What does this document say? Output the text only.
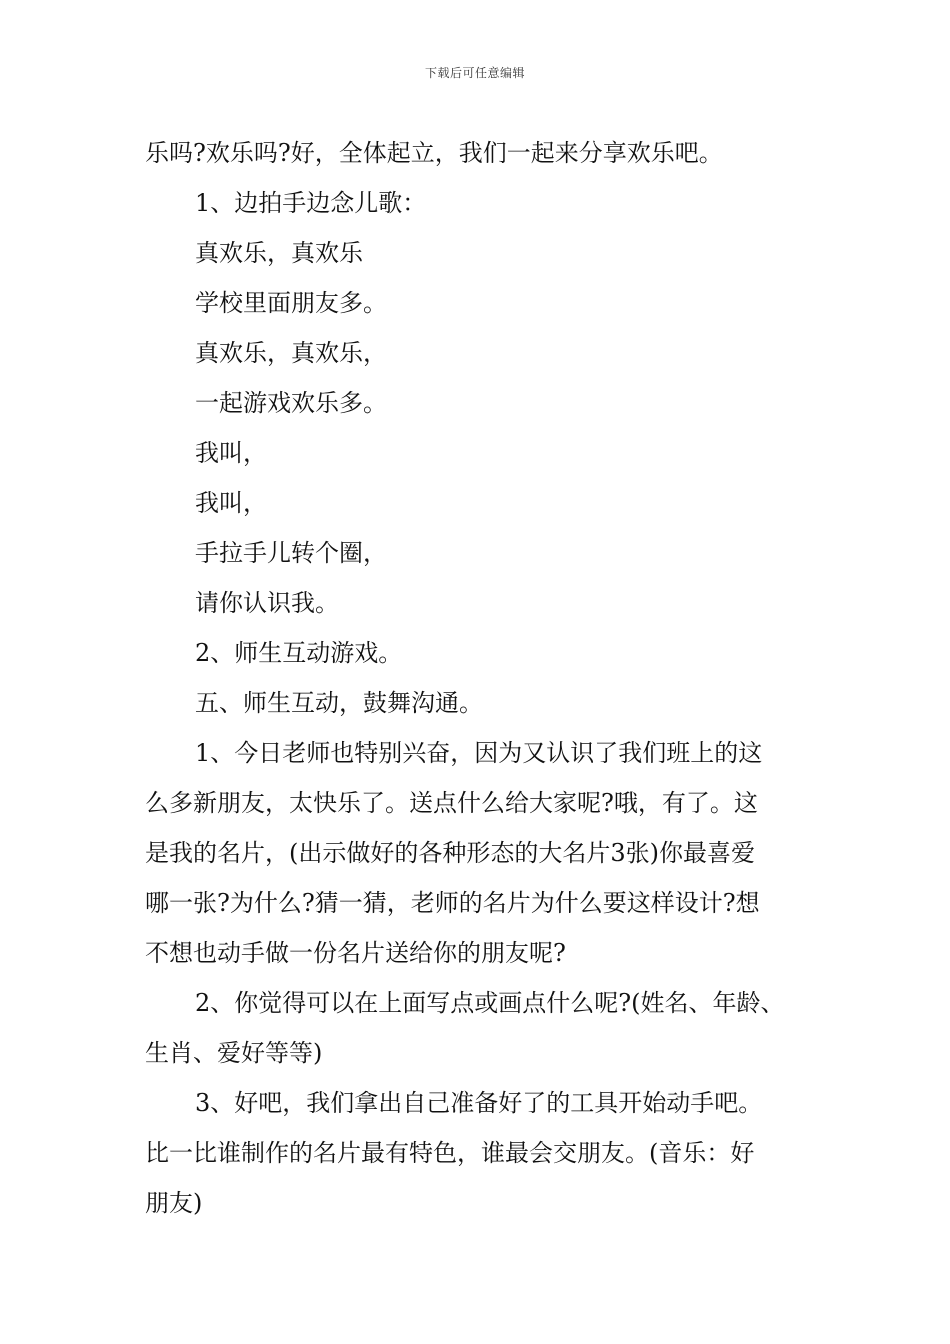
下载后可任意编辑
乐吗?欢乐吗?好，全体起立，我们一起来分享欢乐吧。
1、边拍手边念儿歌：
真欢乐，真欢乐
学校里面朋友多。
真欢乐，真欢乐，
一起游戏欢乐多。
我叫，
我叫，
手拉手儿转个圈，
请你认识我。
2、师生互动游戏。
五、师生互动，鼓舞沟通。
1、今日老师也特别兴奋，因为又认识了我们班上的这
么多新朋友，太快乐了。送点什么给大家呢?哦，有了。这
是我的名片，(出示做好的各种形态的大名片3张)你最喜爱
哪一张?为什么?猜一猜，老师的名片为什么要这样设计?想
不想也动手做一份名片送给你的朋友呢?
2、你觉得可以在上面写点或画点什么呢?(姓名、年龄、
生肖、爱好等等)
3、好吧，我们拿出自己准备好了的工具开始动手吧。
比一比谁制作的名片最有特色，谁最会交朋友。(音乐：好
朋友)
